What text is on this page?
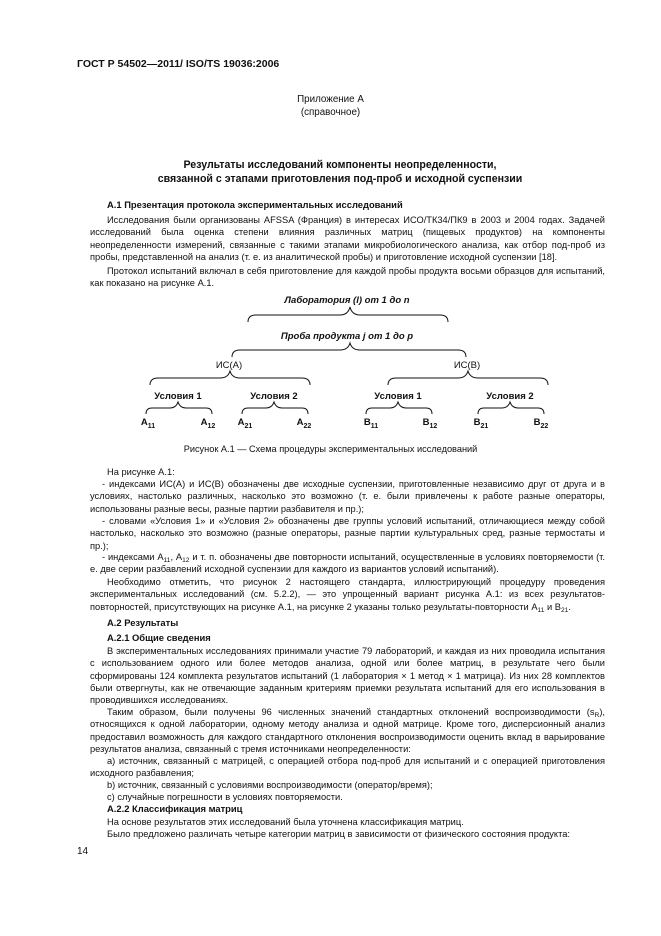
ГОСТ Р 54502—2011/ ISO/TS 19036:2006
Приложение А
(справочное)
Результаты исследований компоненты неопределенности,
связанной с этапами приготовления под-проб и исходной суспензии
А.1 Презентация протокола экспериментальных исследований
Исследования были организованы AFSSA (Франция) в интересах ИСО/ТК34/ПК9 в 2003 и 2004 годах. Задачей исследований была оценка степени влияния различных матриц (пищевых продуктов) на компоненты неопределенности измерений, связанные с такими этапами микробиологического анализа, как отбор под-проб из пробы, представленной на анализ (т. е. из аналитической пробы) и приготовление исходной суспензии [18].
Протокол испытаний включал в себя приготовление для каждой пробы продукта восьми образцов для испытаний, как показано на рисунке А.1.
Лаборатория (l) от 1 до n
Проба продукта j от 1 до p
ИС(А)	ИС(В)
Условия 1	Условия 2	Условия 1	Условия 2
$A_{11}$	$A_{12}$ $A_{21}$	$A_{22}$	$B_{11}$	$B_{12}$	$B_{21}$	$B_{22}$
Рисунок А.1 — Схема процедуры экспериментальных исследований
На рисунке А.1:
- индексами ИС(А) и ИС(В) обозначены две исходные суспензии, приготовленные независимо друг от друга и в условиях, настолько различных, насколько это возможно (т. е. были привлечены к работе разные операторы, использованы разные весы, разные партии разбавителя и пр.);
- словами «Условия 1» и «Условия 2» обозначены две группы условий испытаний, отличающиеся между собой настолько, насколько это возможно (разные операторы, разные партии культуральных сред, разные термостаты и пр.);
- индексами $А_{11}$, $А_{12}$ и т. п. обозначены две повторности испытаний, осуществленные в условиях повторяемости (т. е. две серии разбавлений исходной суспензии для каждого из вариантов условий испытаний).
Необходимо отметить, что рисунок 2 настоящего стандарта, иллюстрирующий процедуру проведения экспериментальных исследований (см. 5.2.2), — это упрощенный вариант рисунка А.1: из всех результатов-повторностей, присутствующих на рисунке А.1, на рисунке 2 указаны только результаты-повторности $А_{11}$ и $В_{21}$.
А.2 Результаты
А.2.1 Общие сведения
В экспериментальных исследованиях принимали участие 79 лабораторий, и каждая из них проводила испытания с использованием одного или более методов анализа, одной или более матриц, в результате чего были сформированы 124 комплекта результатов испытаний (1 лаборатория × 1 метод × 1 матрица). Из них 28 комплектов были отвергнуты, как не отвечающие заданным критериям приемки результата испытаний для его использования в проводившихся исследованиях.
Таким образом, были получены 96 численных значений стандартных отклонений воспроизводимости $(s_R)$, относящихся к одной лаборатории, одному методу анализа и одной матрице. Кроме того, дисперсионный анализ предоставил возможность для каждого стандартного отклонения воспроизводимости оценить вклад в варьирование результатов анализа, связанный с тремя источниками неопределенности:
а) источник, связанный с матрицей, с операцией отбора под-проб для испытаний и с операцией приготовления исходного разбавления;
b) источник, связанный с условиями воспроизводимости (оператор/время);
с) случайные погрешности в условиях повторяемости.
А.2.2 Классификация матриц
На основе результатов этих исследований была уточнена классификация матриц.
Было предложено различать четыре категории матриц в зависимости от физического состояния продукта:
14
